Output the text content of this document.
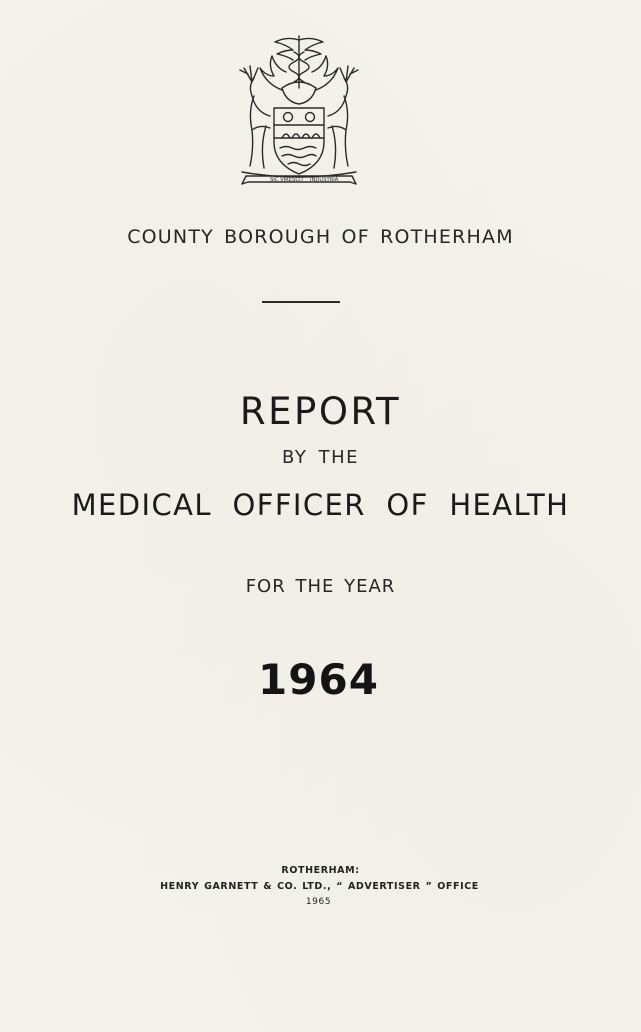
SIC VIRESCIT INDUSTRIA
COUNTY BOROUGH OF ROTHERHAM
REPORT
BY THE
MEDICAL OFFICER OF HEALTH
FOR THE YEAR
1964
ROTHERHAM:
HENRY GARNETT & CO. LTD., “ ADVERTISER ” OFFICE
1965
